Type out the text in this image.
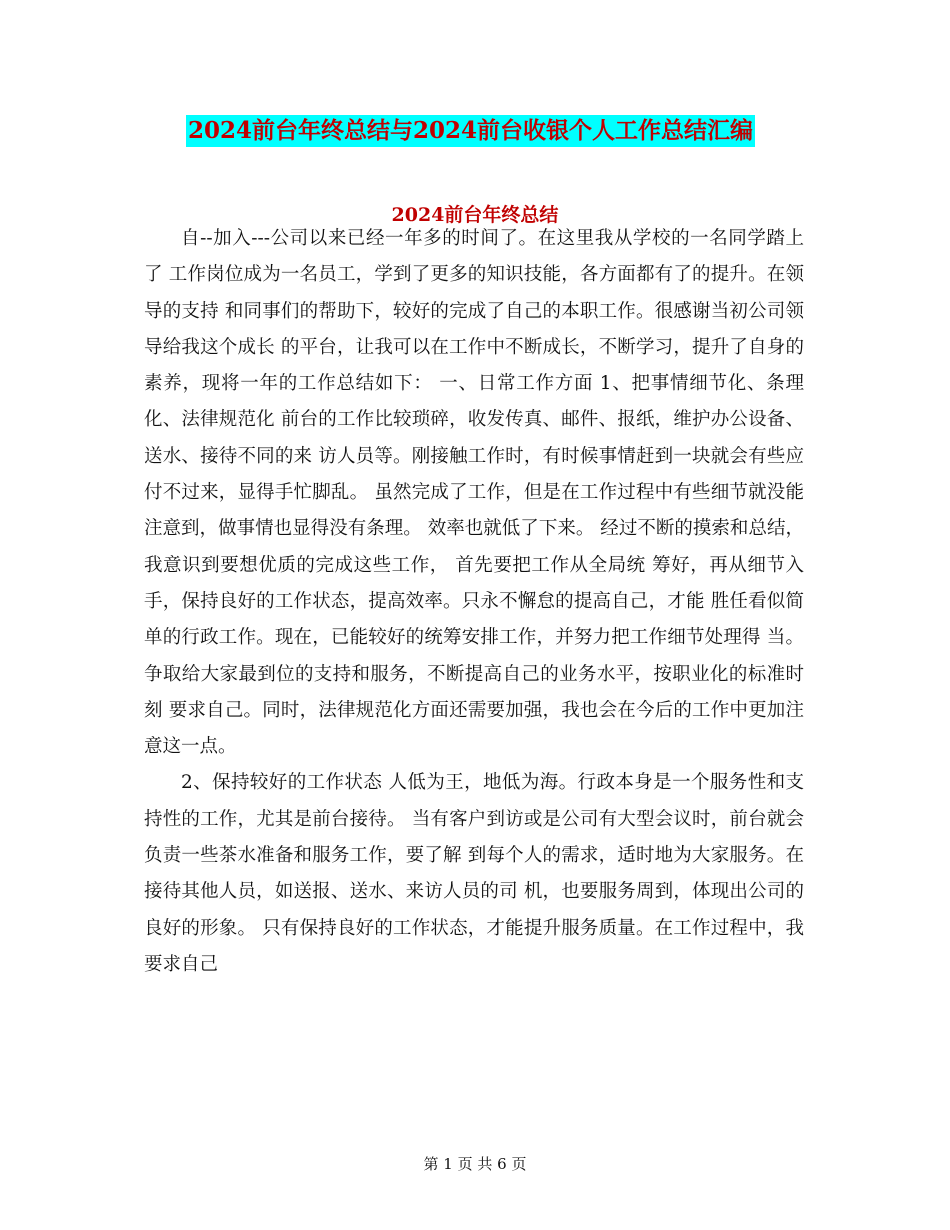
2024前台年终总结与2024前台收银个人工作总结汇编
2024前台年终总结

自--加入---公司以来已经一年多的时间了。在这里我从学校的一名同学踏上了 工作岗位成为一名员工，学到了更多的知识技能，各方面都有了的提升。在领导的支持 和同事们的帮助下，较好的完成了自己的本职工作。很感谢当初公司领导给我这个成长 的平台，让我可以在工作中不断成长，不断学习，提升了自身的素养，现将一年的工作总结如下： 一、日常工作方面 1、把事情细节化、条理化、法律规范化 前台的工作比较琐碎，收发传真、邮件、报纸，维护办公设备、送水、接待不同的来 访人员等。刚接触工作时，有时候事情赶到一块就会有些应付不过来，显得手忙脚乱。 虽然完成了工作，但是在工作过程中有些细节就没能注意到，做事情也显得没有条理。 效率也就低了下来。 经过不断的摸索和总结， 我意识到要想优质的完成这些工作， 首先要把工作从全局统 筹好，再从细节入手，保持良好的工作状态，提高效率。只永不懈怠的提高自己，才能 胜任看似简单的行政工作。现在，已能较好的统筹安排工作，并努力把工作细节处理得 当。争取给大家最到位的支持和服务，不断提高自己的业务水平，按职业化的标准时刻 要求自己。同时，法律规范化方面还需要加强，我也会在今后的工作中更加注意这一点。

2、保持较好的工作状态 人低为王，地低为海。行政本身是一个服务性和支持性的工作，尤其是前台接待。 当有客户到访或是公司有大型会议时，前台就会负责一些茶水准备和服务工作，要了解 到每个人的需求，适时地为大家服务。在接待其他人员，如送报、送水、来访人员的司 机，也要服务周到，体现出公司的良好的形象。 只有保持良好的工作状态，才能提升服务质量。在工作过程中，我要求自己

第 1 页 共 6 页
